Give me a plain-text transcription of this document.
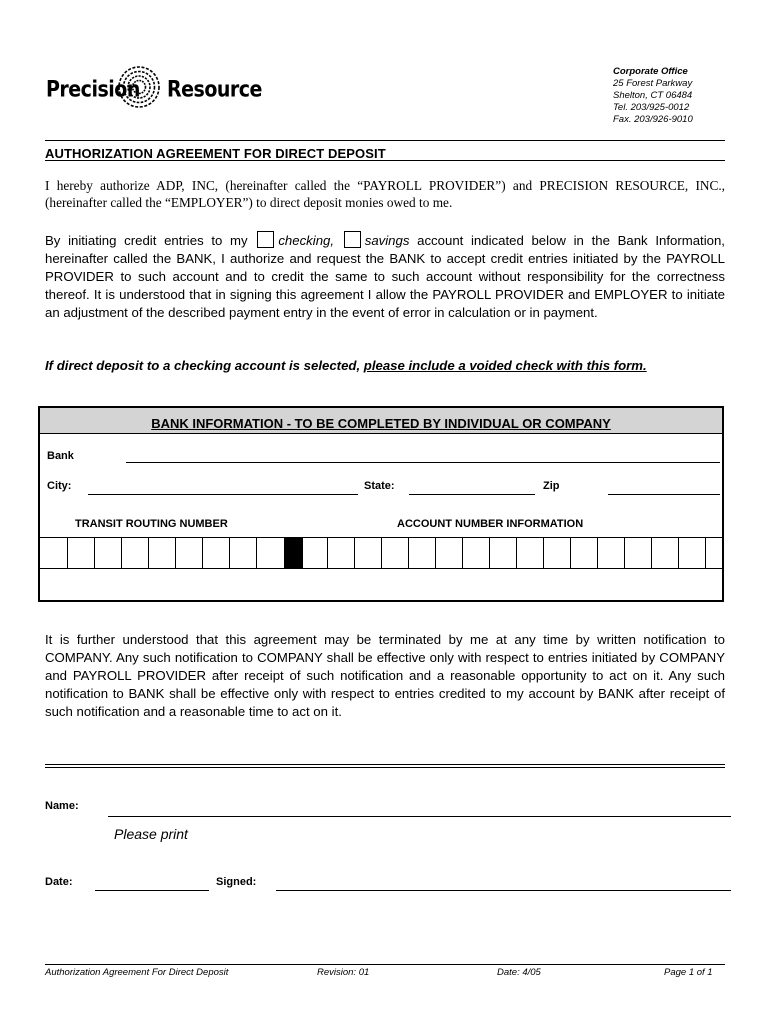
Precision Resource
Corporate Office
25 Forest Parkway
Shelton, CT 06484
Tel. 203/925-0012
Fax. 203/926-9010
AUTHORIZATION AGREEMENT FOR DIRECT DEPOSIT
I hereby authorize ADP, INC, (hereinafter called the “PAYROLL PROVIDER”) and PRECISION RESOURCE, INC., (hereinafter called the “EMPLOYER”) to direct deposit monies owed to me.
By initiating credit entries to my checking, savings account indicated below in the Bank Information, hereinafter called the BANK, I authorize and request the BANK to accept credit entries initiated by the PAYROLL PROVIDER to such account and to credit the same to such account without responsibility for the correctness thereof. It is understood that in signing this agreement I allow the PAYROLL PROVIDER and EMPLOYER to initiate an adjustment of the described payment entry in the event of error in calculation or in payment.
If direct deposit to a checking account is selected, please include a voided check with this form.
BANK INFORMATION - TO BE COMPLETED BY INDIVIDUAL OR COMPANY
Bank
City:	State:	Zip
TRANSIT ROUTING NUMBER	ACCOUNT NUMBER INFORMATION
It is further understood that this agreement may be terminated by me at any time by written notification to COMPANY. Any such notification to COMPANY shall be effective only with respect to entries initiated by COMPANY and PAYROLL PROVIDER after receipt of such notification and a reasonable opportunity to act on it. Any such notification to BANK shall be effective only with respect to entries credited to my account by BANK after receipt of such notification and a reasonable time to act on it.
Name:
Please print
Date:	Signed:
Authorization Agreement For Direct Deposit	Revision: 01	Date: 4/05	Page 1 of 1
